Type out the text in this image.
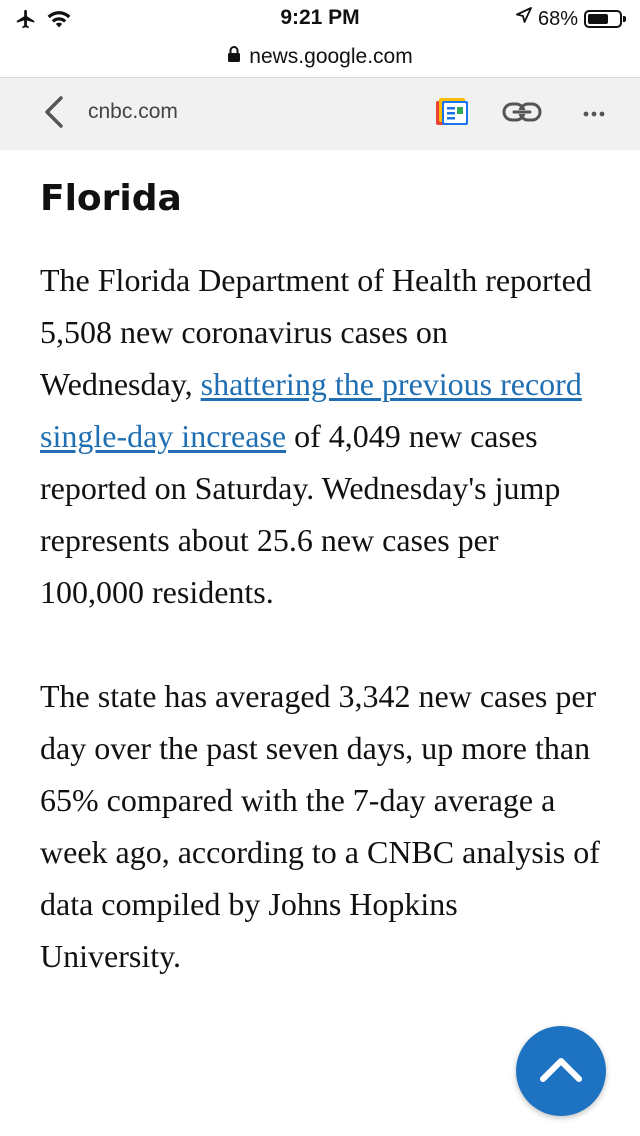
9:21 PM	68%
news.google.com
cnbc.com
Florida

The Florida Department of Health reported 5,508 new coronavirus cases on Wednesday, shattering the previous record single-day increase of 4,049 new cases reported on Saturday. Wednesday's jump represents about 25.6 new cases per 100,000 residents.

The state has averaged 3,342 new cases per day over the past seven days, up more than 65% compared with the 7-day average a week ago, according to a CNBC analysis of data compiled by Johns Hopkins University.
